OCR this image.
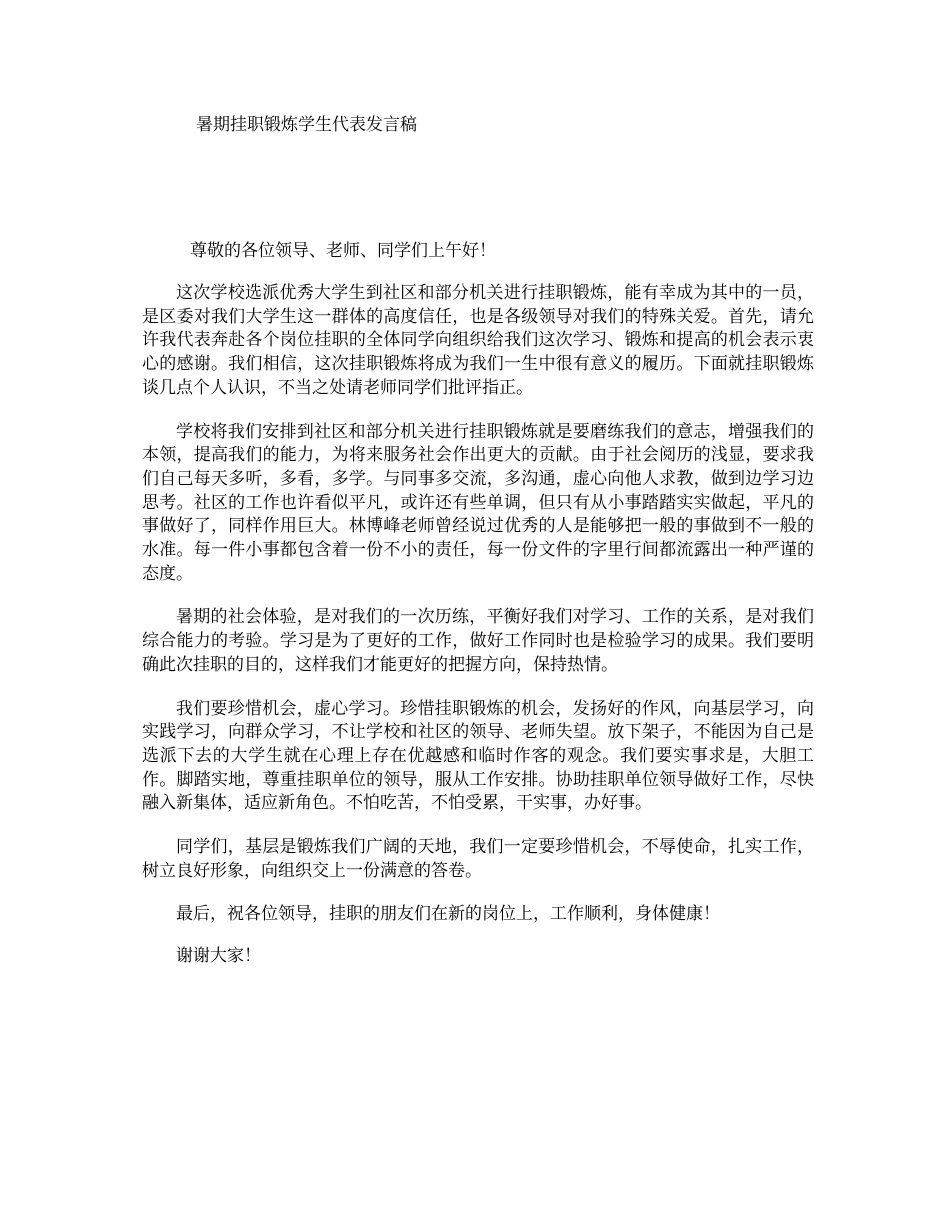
暑期挂职锻炼学生代表发言稿
尊敬的各位领导、老师、同学们上午好！

这次学校选派优秀大学生到社区和部分机关进行挂职锻炼，能有幸成为其中的一员，是区委对我们大学生这一群体的高度信任，也是各级领导对我们的特殊关爱。首先，请允许我代表奔赴各个岗位挂职的全体同学向组织给我们这次学习、锻炼和提高的机会表示衷心的感谢。我们相信，这次挂职锻炼将成为我们一生中很有意义的履历。下面就挂职锻炼谈几点个人认识，不当之处请老师同学们批评指正。

学校将我们安排到社区和部分机关进行挂职锻炼就是要磨练我们的意志，增强我们的本领，提高我们的能力，为将来服务社会作出更大的贡献。由于社会阅历的浅显，要求我们自己每天多听，多看，多学。与同事多交流，多沟通，虚心向他人求教，做到边学习边思考。社区的工作也许看似平凡，或许还有些单调，但只有从小事踏踏实实做起，平凡的事做好了，同样作用巨大。林博峰老师曾经说过优秀的人是能够把一般的事做到不一般的水准。每一件小事都包含着一份不小的责任，每一份文件的字里行间都流露出一种严谨的态度。

暑期的社会体验，是对我们的一次历练，平衡好我们对学习、工作的关系，是对我们综合能力的考验。学习是为了更好的工作，做好工作同时也是检验学习的成果。我们要明确此次挂职的目的，这样我们才能更好的把握方向，保持热情。

我们要珍惜机会，虚心学习。珍惜挂职锻炼的机会，发扬好的作风，向基层学习，向实践学习，向群众学习，不让学校和社区的领导、老师失望。放下架子，不能因为自己是选派下去的大学生就在心理上存在优越感和临时作客的观念。我们要实事求是，大胆工作。脚踏实地，尊重挂职单位的领导，服从工作安排。协助挂职单位领导做好工作，尽快融入新集体，适应新角色。不怕吃苦，不怕受累，干实事，办好事。

同学们，基层是锻炼我们广阔的天地，我们一定要珍惜机会，不辱使命，扎实工作，树立良好形象，向组织交上一份满意的答卷。

最后，祝各位领导，挂职的朋友们在新的岗位上，工作顺利，身体健康！

谢谢大家！
